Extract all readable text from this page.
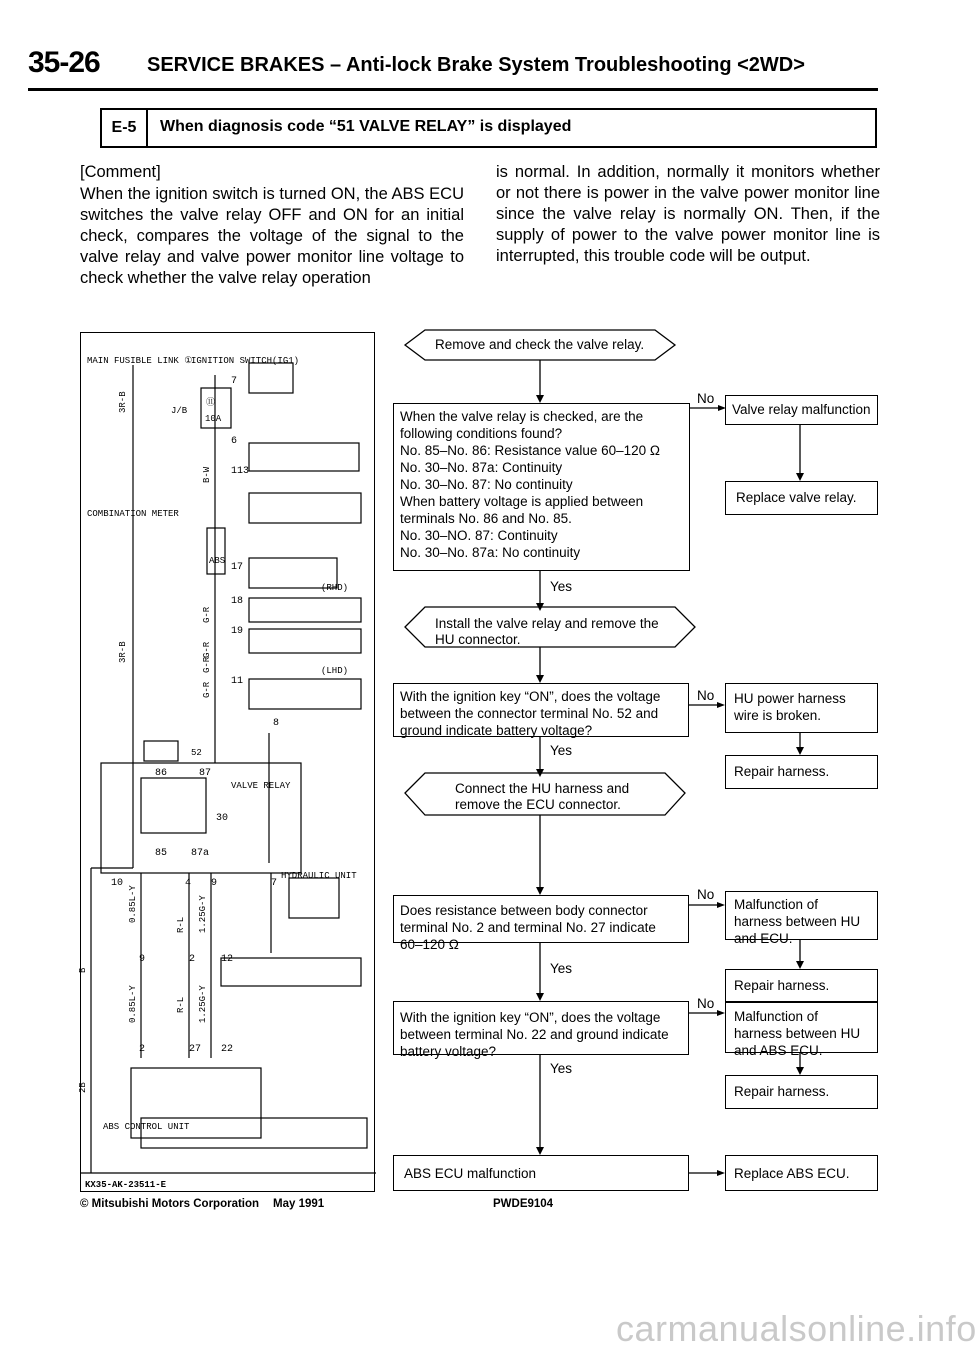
35-26 SERVICE BRAKES – Anti-lock Brake System Troubleshooting <2WD>
E-5	When diagnosis code “51 VALVE RELAY” is displayed
[Comment]
When the ignition switch is turned ON, the ABS ECU switches the valve relay OFF and ON for an initial check, compares the voltage of the signal to the valve relay and valve power monitor line voltage to check whether the valve relay operation
is normal. In addition, normally it monitors whether or not there is power in the valve power monitor line since the valve relay is normally ON. Then, if the supply of power to the valve power monitor line is interrupted, this trouble code will be output.
MAIN FUSIBLE LINK ①
IGNITION SWITCH(IG1)
J/B
⑪
10A
COMBINATION METER
ABS
VALVE RELAY
HYDRAULIC UNIT
ABS CONTROL UNIT
(RHD)
(LHD)
52
KX35-AK-23511-E
7
6
113
17
18
19
11
8
86	87
30
85 87a
10	4 9	7
9	2	12
2	27 22
3R-B
B-W
G-R
G-R
3R-B
G-R
G-R
0.85L-Y
R-L 1.25G-Y
0.85L-Y	R-L 1.25G-Y
B
2B
Remove and check the valve relay.
When the valve relay is checked, are the following conditions found?
No. 85–No. 86: Resistance value 60–120 Ω
No. 30–No. 87a: Continuity
No. 30–No. 87: No continuity
When battery voltage is applied between terminals No. 86 and No. 85.
No. 30–NO. 87: Continuity
No. 30–No. 87a: No continuity
No
Valve relay malfunction
Replace valve relay.
Yes
Install the valve relay and remove the HU connector.
With the ignition key “ON”, does the voltage between the connector terminal No. 52 and ground indicate battery voltage?
No	HU power harness wire is broken.
Repair harness.
Yes
Connect the HU harness and remove the ECU connector.
Does resistance between body connector terminal No. 2 and terminal No. 27 indicate 60–120 Ω
No
Malfunction of harness between HU and ECU.
Repair harness.
Yes
With the ignition key “ON”, does the voltage between terminal No. 22 and ground indicate battery voltage?
No
Malfunction of harness between HU and ABS ECU.
Repair harness.
Yes
ABS ECU malfunction	Replace ABS ECU.
© Mitsubishi Motors Corporation May 1991	PWDE9104
carmanualsonline.info
